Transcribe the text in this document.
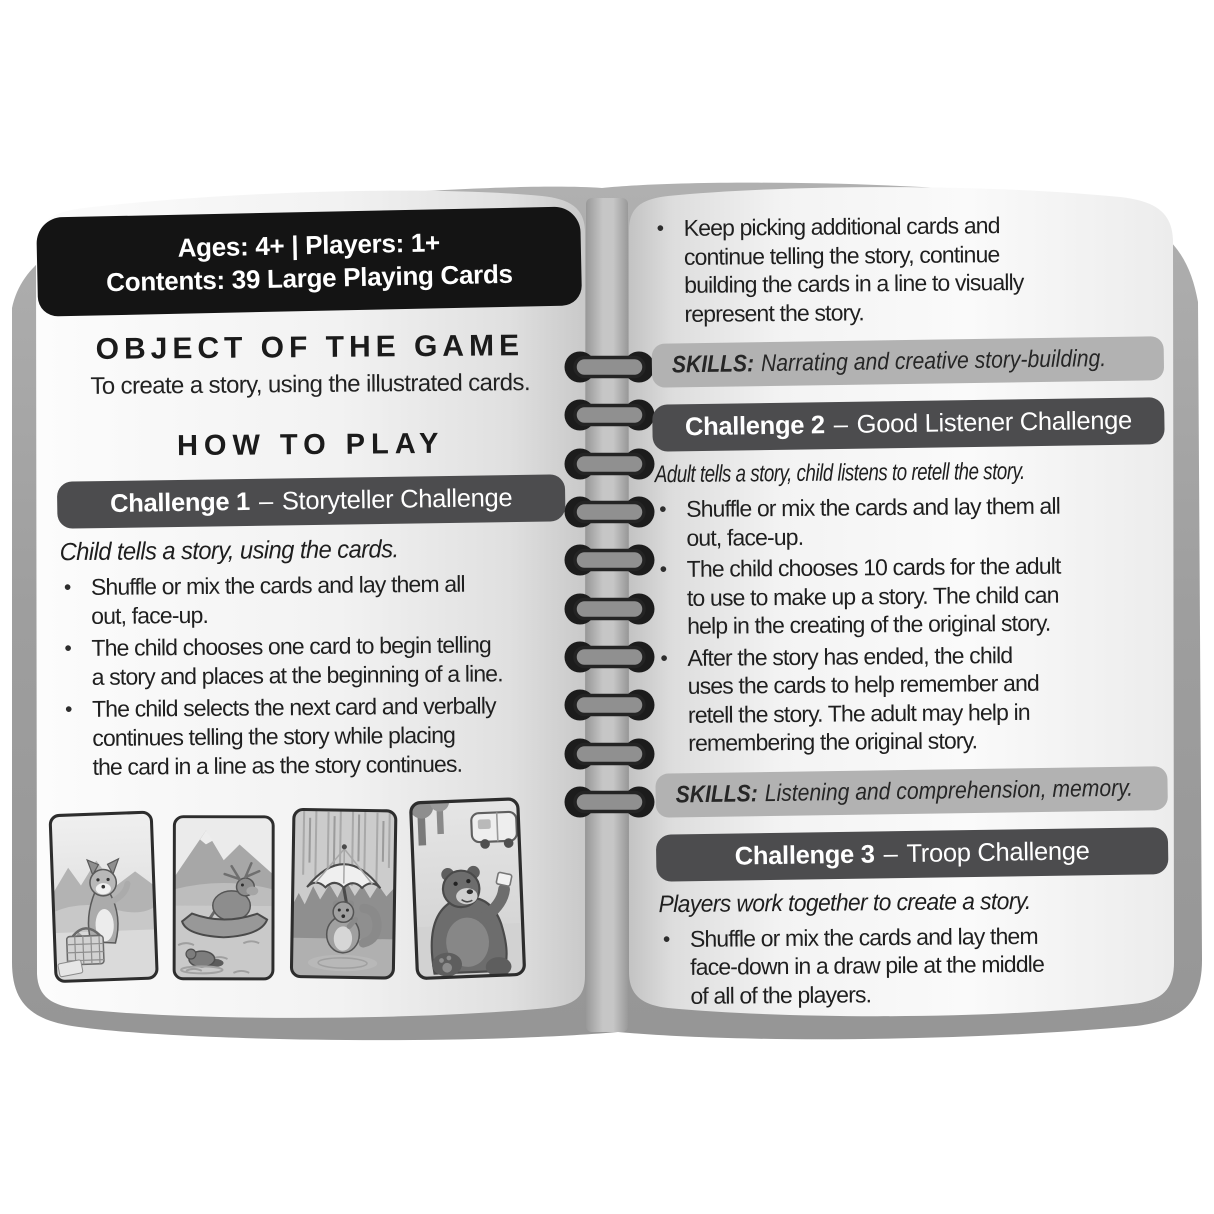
Ages: 4+ | Players: 1+
Contents: 39 Large Playing Cards
OBJECT OF THE GAME
To create a story, using the illustrated cards.
HOW TO PLAY
Challenge 1 – Storyteller Challenge
Child tells a story, using the cards.
• Shuffle or mix the cards and lay them all
out, face-up.
• The child chooses one card to begin telling
a story and places at the beginning of a line.
• The child selects the next card and verbally
continues telling the story while placing
the card in a line as the story continues.
• Keep picking additional cards and
continue telling the story, continue
building the cards in a line to visually
represent the story.
SKILLS: Narrating and creative story-building.
Challenge 2 – Good Listener Challenge
Adult tells a story, child listens to retell the story.
• Shuffle or mix the cards and lay them all
out, face-up.
• The child chooses 10 cards for the adult
to use to make up a story. The child can
help in the creating of the original story.
• After the story has ended, the child
uses the cards to help remember and
retell the story. The adult may help in
remembering the original story.
SKILLS: Listening and comprehension, memory.
Challenge 3 – Troop Challenge
Players work together to create a story.
• Shuffle or mix the cards and lay them
face-down in a draw pile at the middle
of all of the players.
